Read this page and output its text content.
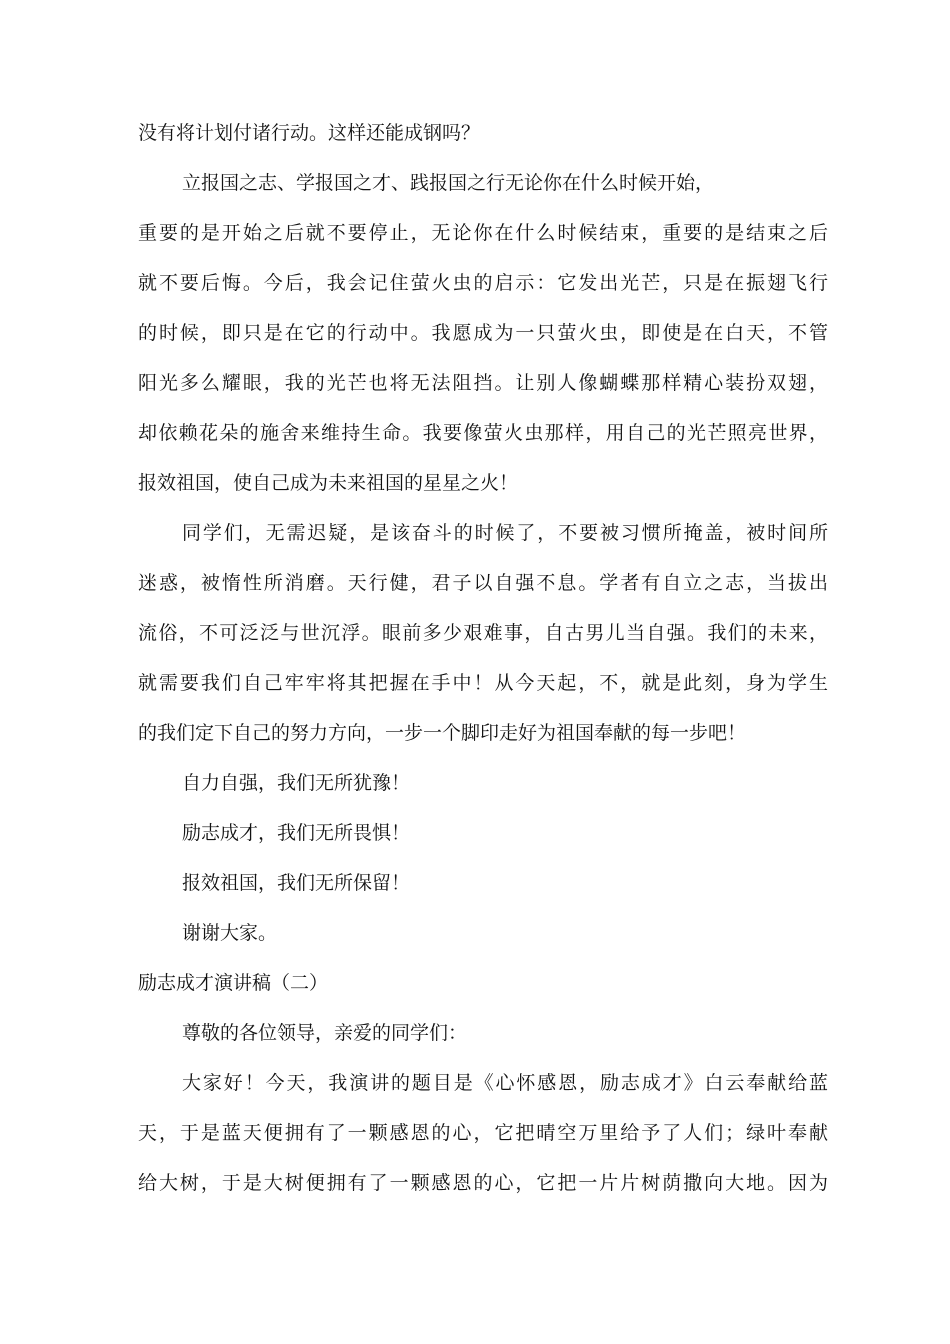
没有将计划付诸行动。这样还能成钢吗？
立报国之志、学报国之才、践报国之行无论你在什么时候开始，
重要的是开始之后就不要停止，无论你在什么时候结束，重要的是结束之后
就不要后悔。今后，我会记住萤火虫的启示：它发出光芒，只是在振翅飞行
的时候，即只是在它的行动中。我愿成为一只萤火虫，即使是在白天，不管
阳光多么耀眼，我的光芒也将无法阻挡。让别人像蝴蝶那样精心装扮双翅，
却依赖花朵的施舍来维持生命。我要像萤火虫那样，用自己的光芒照亮世界，
报效祖国，使自己成为未来祖国的星星之火！
同学们，无需迟疑，是该奋斗的时候了，不要被习惯所掩盖，被时间所
迷惑，被惰性所消磨。天行健，君子以自强不息。学者有自立之志，当拔出
流俗，不可泛泛与世沉浮。眼前多少艰难事，自古男儿当自强。我们的未来，
就需要我们自己牢牢将其把握在手中！从今天起，不，就是此刻，身为学生
的我们定下自己的努力方向，一步一个脚印走好为祖国奉献的每一步吧！
自力自强，我们无所犹豫！
励志成才，我们无所畏惧！
报效祖国，我们无所保留！
谢谢大家。
励志成才演讲稿（二）
尊敬的各位领导，亲爱的同学们：
大家好！今天，我演讲的题目是《心怀感恩，励志成才》白云奉献给蓝
天，于是蓝天便拥有了一颗感恩的心，它把晴空万里给予了人们；绿叶奉献
给大树，于是大树便拥有了一颗感恩的心，它把一片片树荫撒向大地。因为
